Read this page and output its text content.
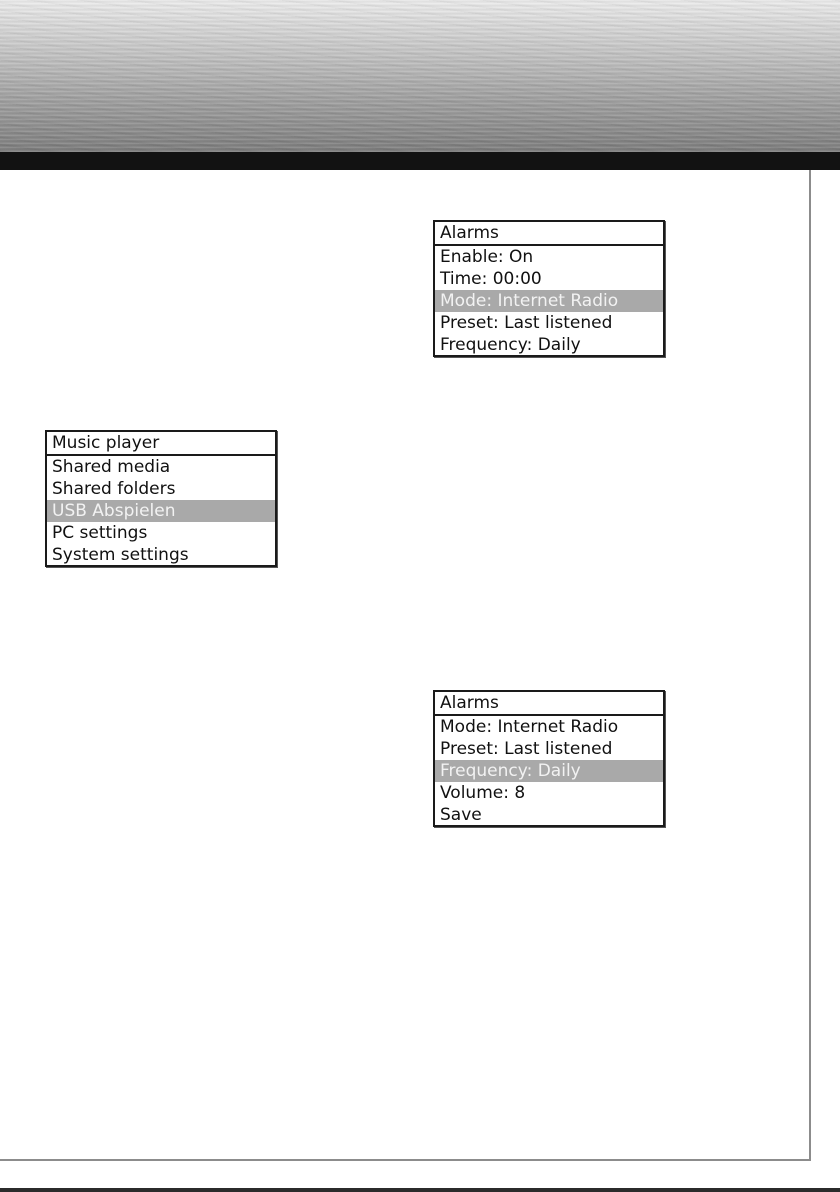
Music player
Shared media
Shared folders
USB Abspielen
PC settings
System settings
Alarms
Enable: On
Time: 00:00
Mode: Internet Radio
Preset: Last listened
Frequency: Daily
Alarms
Mode: Internet Radio
Preset: Last listened
Frequency: Daily
Volume: 8
Save
